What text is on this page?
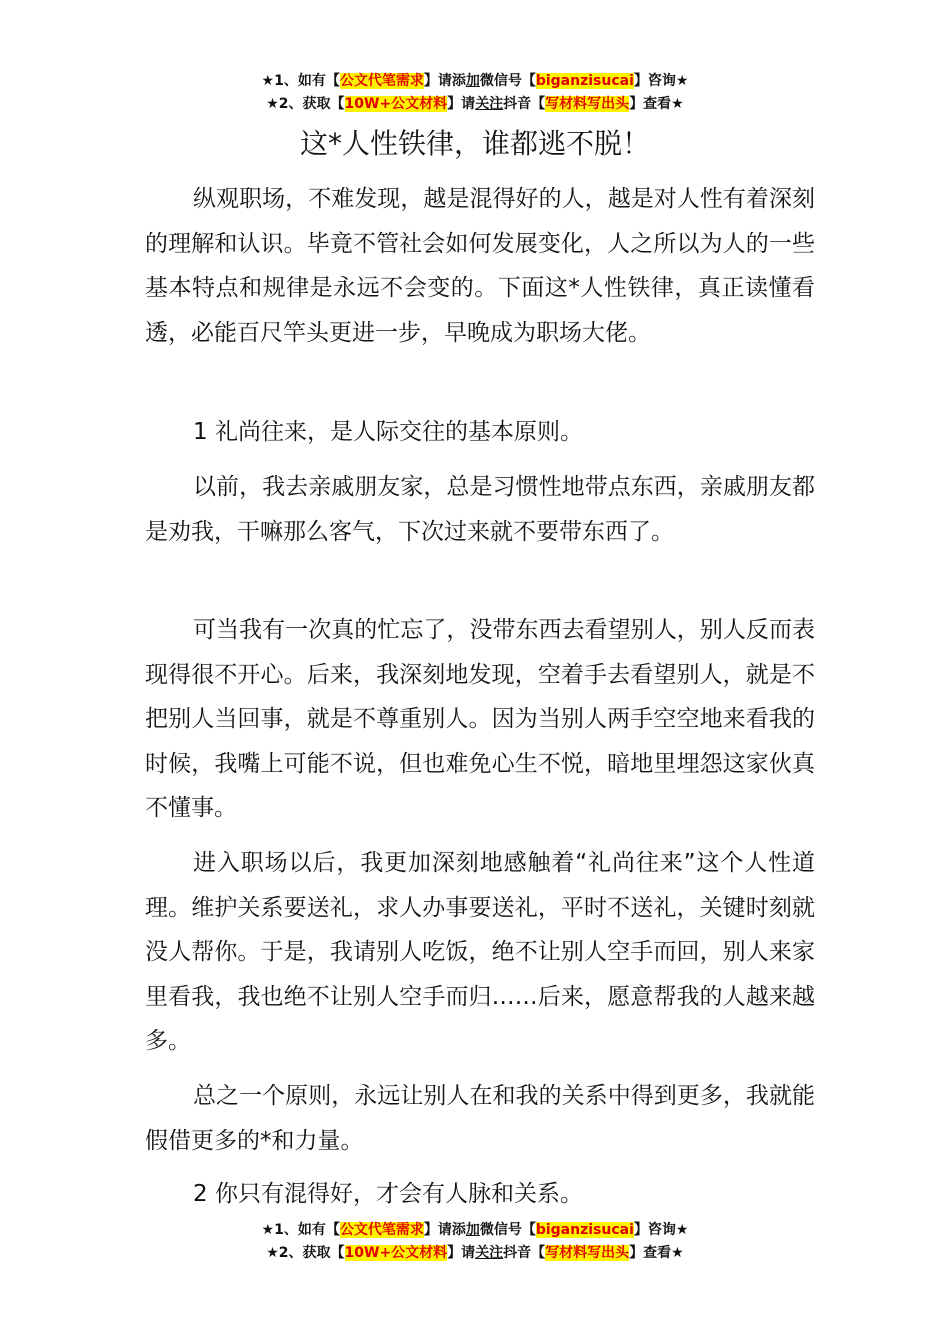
★1、如有【公文代笔需求】请添加微信号【biganzisucai】咨询★
★2、获取【10W+公文材料】请关注抖音【写材料写出头】查看★
这*人性铁律，谁都逃不脱！

纵观职场，不难发现，越是混得好的人，越是对人性有着深刻的理解和认识。毕竟不管社会如何发展变化，人之所以为人的一些基本特点和规律是永远不会变的。下面这*人性铁律，真正读懂看透，必能百尺竿头更进一步，早晚成为职场大佬。

1 礼尚往来，是人际交往的基本原则。

以前，我去亲戚朋友家，总是习惯性地带点东西，亲戚朋友都是劝我，干嘛那么客气，下次过来就不要带东西了。

可当我有一次真的忙忘了，没带东西去看望别人，别人反而表现得很不开心。后来，我深刻地发现，空着手去看望别人，就是不把别人当回事，就是不尊重别人。因为当别人两手空空地来看我的时候，我嘴上可能不说，但也难免心生不悦，暗地里埋怨这家伙真不懂事。

进入职场以后，我更加深刻地感触着“礼尚往来”这个人性道理。维护关系要送礼，求人办事要送礼，平时不送礼，关键时刻就没人帮你。于是，我请别人吃饭，绝不让别人空手而回，别人来家里看我，我也绝不让别人空手而归……后来，愿意帮我的人越来越多。

总之一个原则，永远让别人在和我的关系中得到更多，我就能假借更多的*和力量。

2 你只有混得好，才会有人脉和关系。

★1、如有【公文代笔需求】请添加微信号【biganzisucai】咨询★
★2、获取【10W+公文材料】请关注抖音【写材料写出头】查看★
